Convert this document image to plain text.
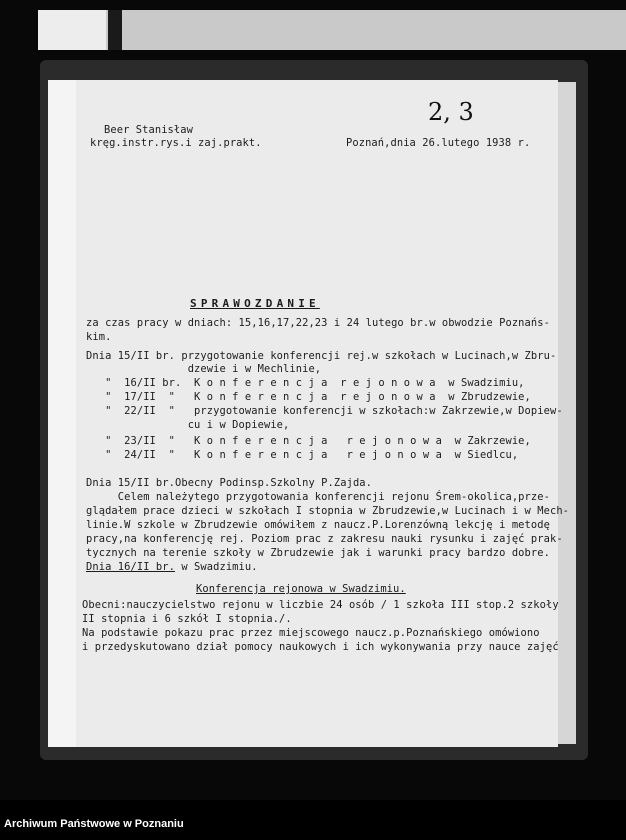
2, 3
Beer Stanisław
kręg.instr.rys.i zaj.prakt.	Poznań,dnia 26.lutego 1938 r.
SPRAWOZDANIE
za czas pracy w dniach: 15,16,17,22,23 i 24 lutego br.w obwodzie Poznańs-
kim.
Dnia 15/II br. przygotowanie konferencji rej.w szkołach w Lucinach,w Zbru-
dzewie i w Mechlinie,
"  16/II br.  K o n f e r e n c j a  r e j o n o w a  w Swadzimiu,
"  17/II  "   K o n f e r e n c j a  r e j o n o w a  w Zbrudzewie,
"  22/II  "   przygotowanie konferencji w szkołach:w Zakrzewie,w Dopiew-
cu i w Dopiewie,
"  23/II  "   K o n f e r e n c j a   r e j o n o w a  w Zakrzewie,
"  24/II  "   K o n f e r e n c j a   r e j o n o w a  w Siedlcu,
Dnia 15/II br.Obecny Podinsp.Szkolny P.Zajda.
Celem należytego przygotowania konferencji rejonu Śrem-okolica,prze-
glądałem prace dzieci w szkołach I stopnia w Zbrudzewie,w Lucinach i w Mech-
linie.W szkole w Zbrudzewie omówiłem z naucz.P.Lorenzówną lekcję i metodę
pracy,na konferencję rej. Poziom prac z zakresu nauki rysunku i zajęć prak-
tycznych na terenie szkoły w Zbrudzewie jak i warunki pracy bardzo dobre.
Dnia 16/II br. w Swadzimiu.
Konferencja rejonowa w Swadzimiu.
Obecni:nauczycielstwo rejonu w liczbie 24 osób / 1 szkoła III stop.2 szkoły
II stopnia i 6 szkół I stopnia./.
Na podstawie pokazu prac przez miejscowego naucz.p.Poznańskiego omówiono
i przedyskutowano dział pomocy naukowych i ich wykonywania przy nauce zajęć
Archiwum Państwowe w Poznaniu
